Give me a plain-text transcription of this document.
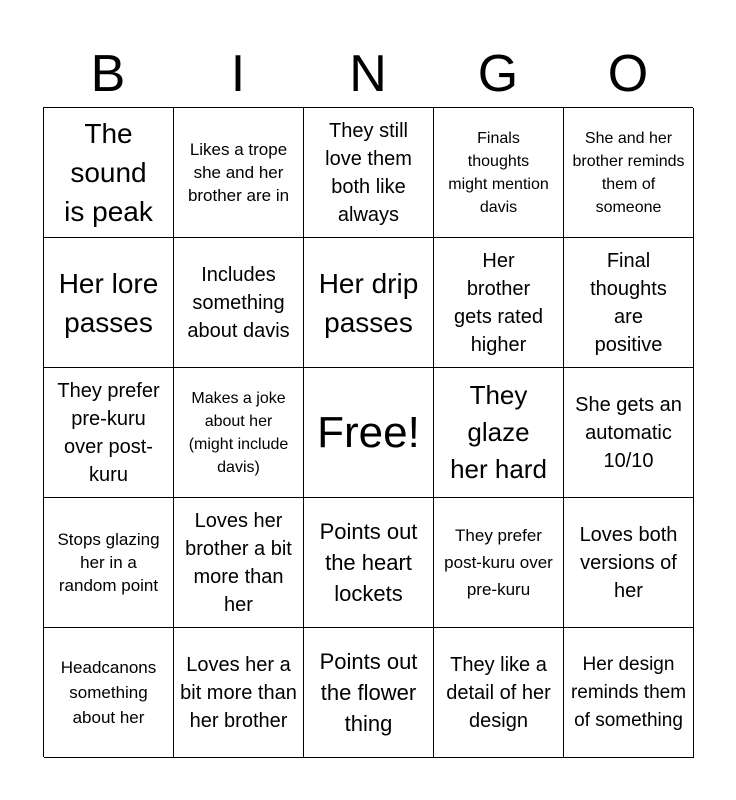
B	I	N	G	O
The sound is peak
Likes a trope she and her brother are in
They still love them both like always
Finals thoughts might mention davis
She and her brother reminds them of someone
Her lore passes
Includes something about davis
Her drip passes
Her brother gets rated higher
Final thoughts are positive
They prefer pre-kuru over post-kuru
Makes a joke about her (might include davis)
Free!
They glaze her hard
She gets an automatic 10/10
Stops glazing her in a random point
Loves her brother a bit more than her
Points out the heart lockets
They prefer post-kuru over pre-kuru
Loves both versions of her
Headcanons something about her
Loves her a bit more than her brother
Points out the flower thing
They like a detail of her design
Her design reminds them of something
